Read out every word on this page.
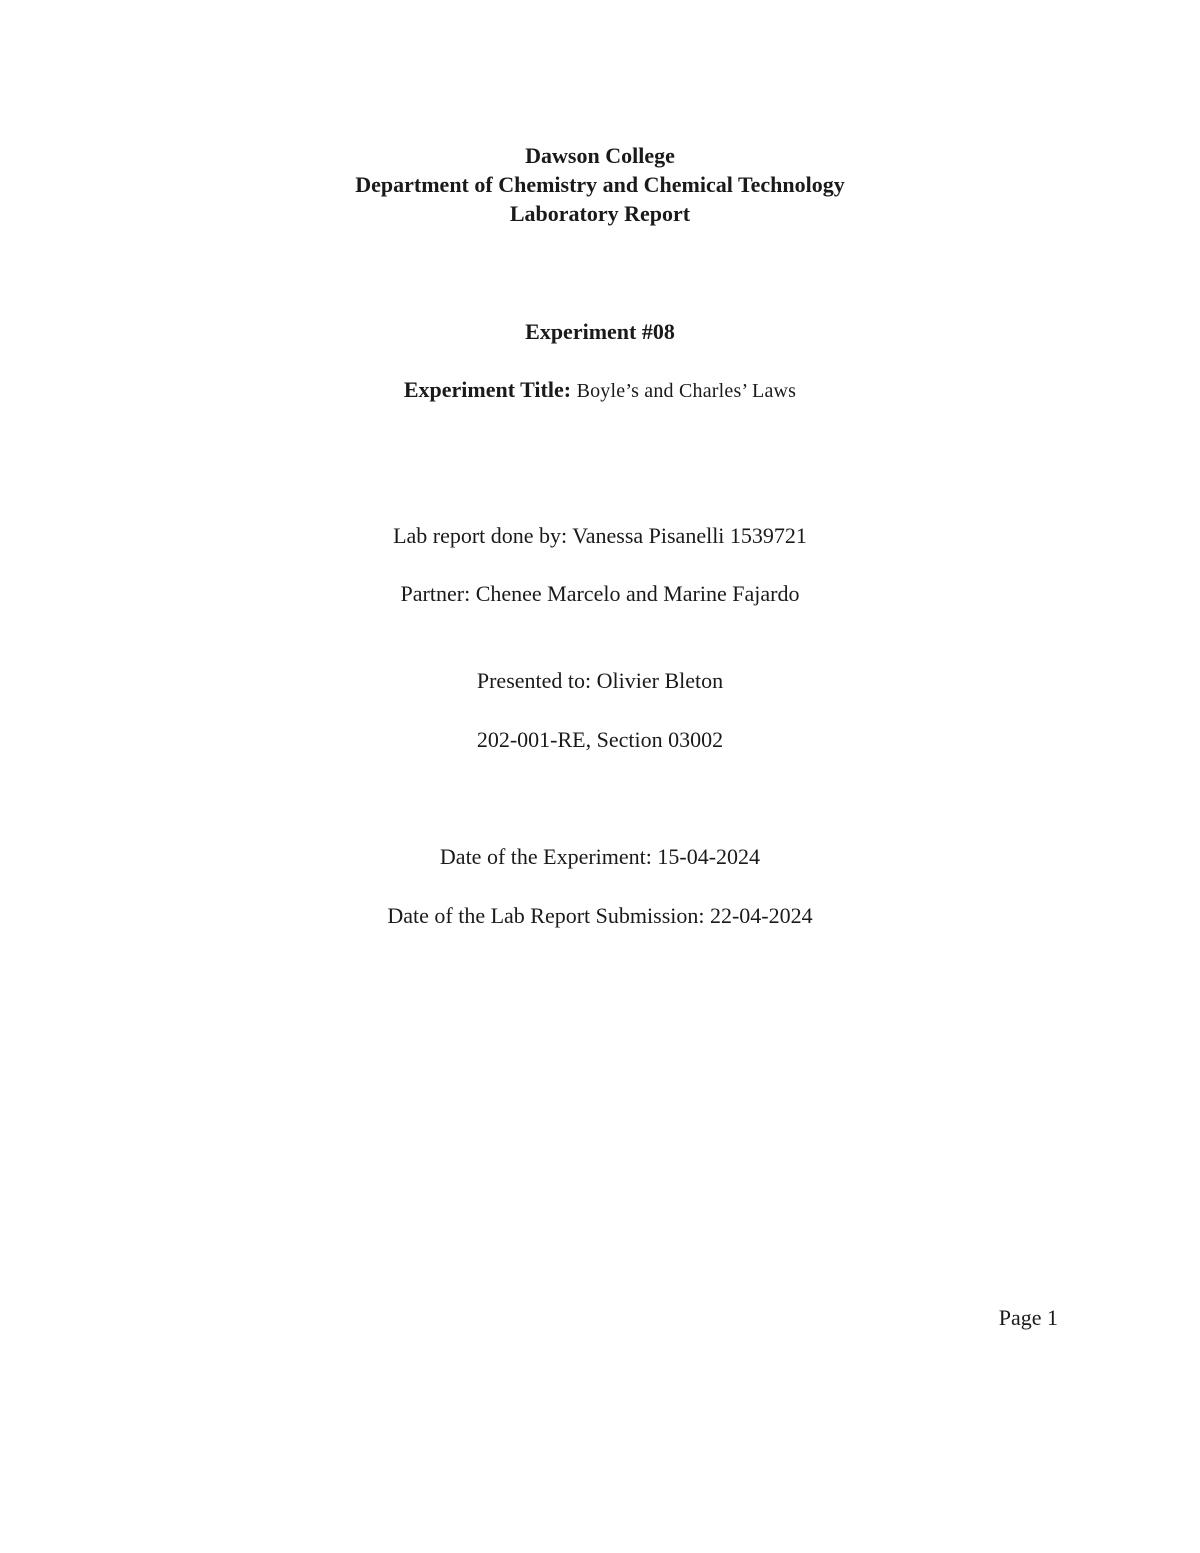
Dawson College
Department of Chemistry and Chemical Technology
Laboratory Report
Experiment #08
Experiment Title: Boyle’s and Charles’ Laws
Lab report done by: Vanessa Pisanelli 1539721
Partner: Chenee Marcelo and Marine Fajardo
Presented to: Olivier Bleton
202-001-RE, Section 03002
Date of the Experiment: 15-04-2024
Date of the Lab Report Submission: 22-04-2024
Page 1
